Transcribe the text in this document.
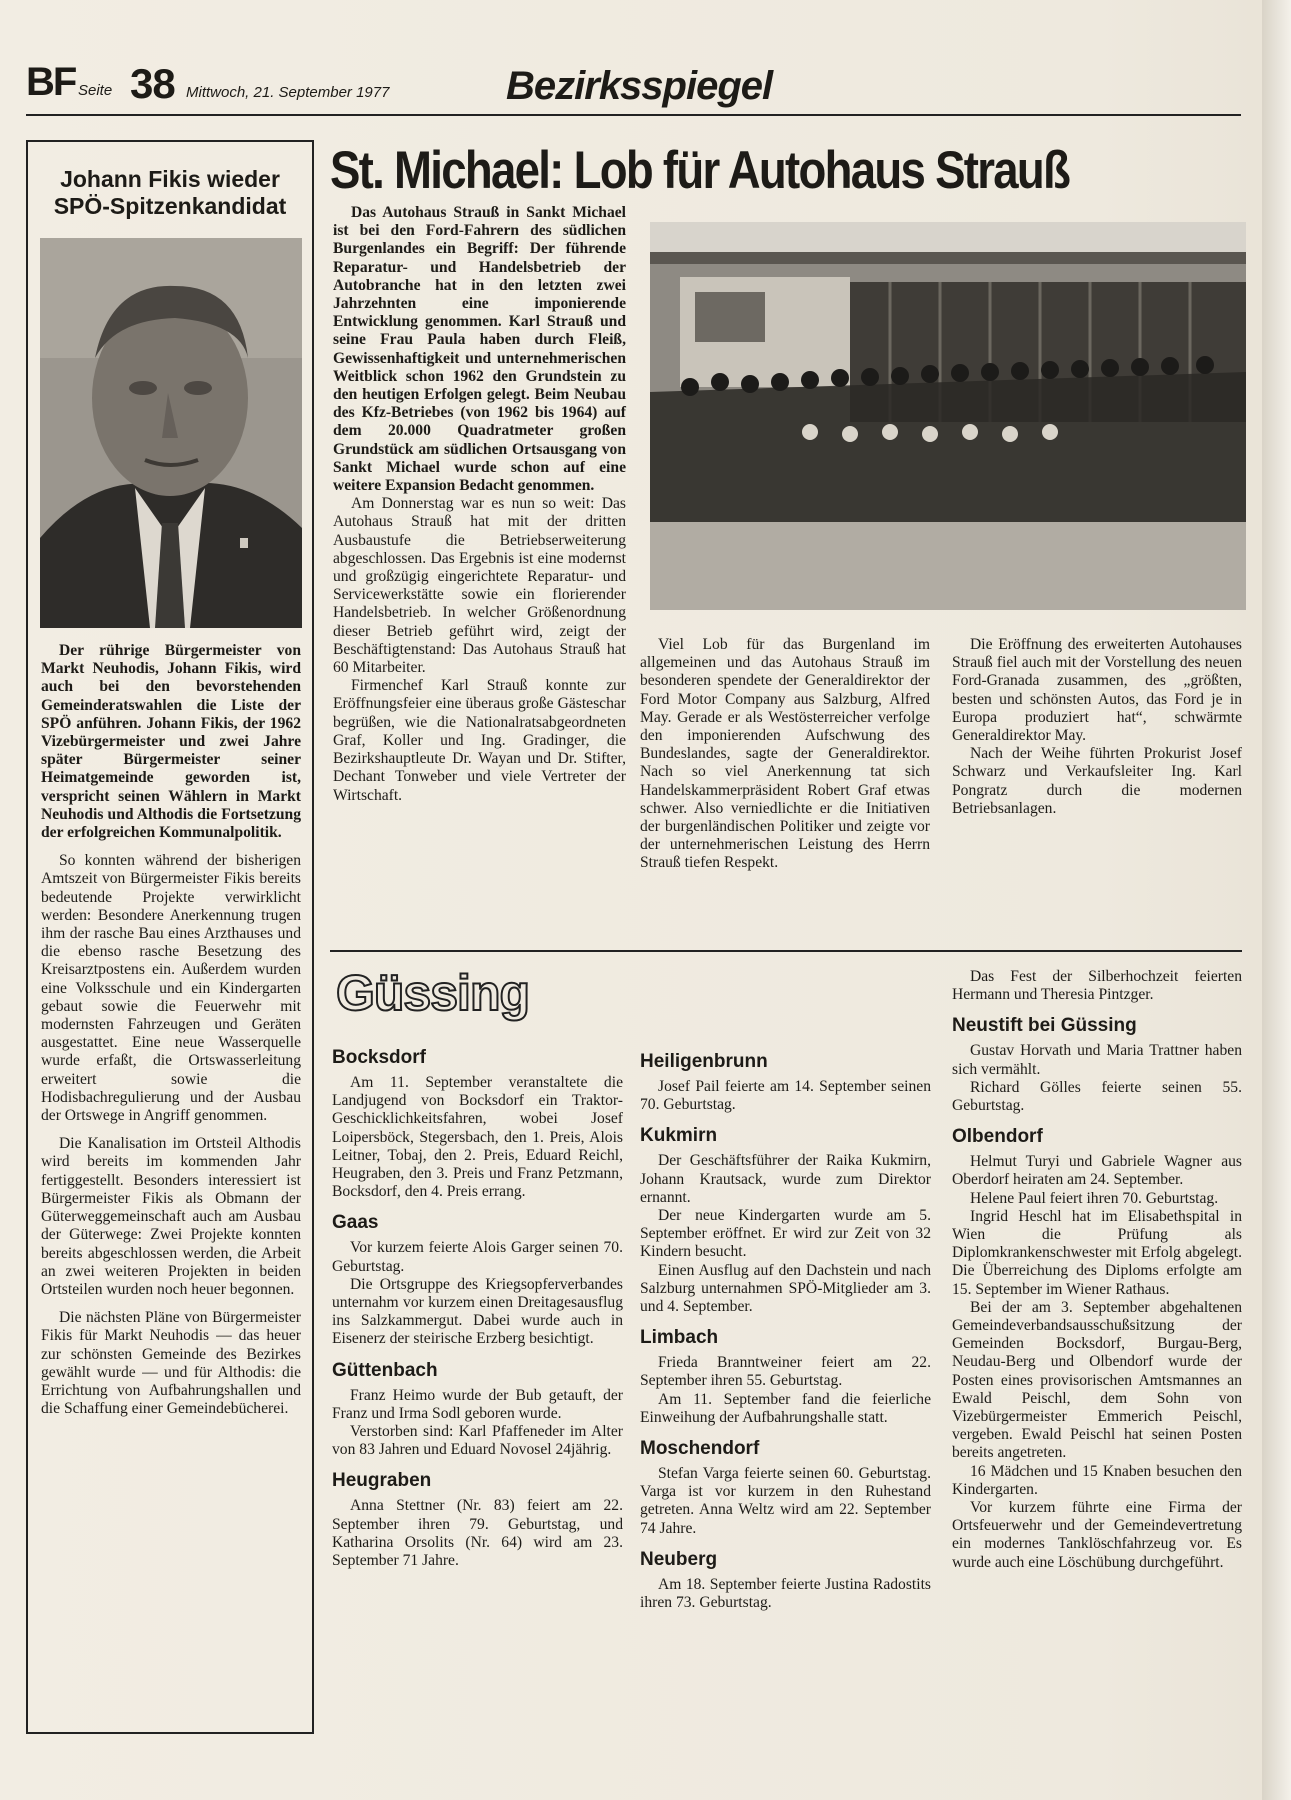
BF Seite 38 Mittwoch, 21. September 1977	Bezirksspiegel
Johann Fikis wieder SPÖ-Spitzenkandidat

Der rührige Bürgermeister von Markt Neuhodis, Johann Fikis, wird auch bei den bevorstehenden Gemeinderatswahlen die Liste der SPÖ anführen. Johann Fikis, der 1962 Vizebürgermeister und zwei Jahre später Bürgermeister seiner Heimatgemeinde geworden ist, verspricht seinen Wählern in Markt Neuhodis und Althodis die Fortsetzung der erfolgreichen Kommunalpolitik.

So konnten während der bisherigen Amtszeit von Bürgermeister Fikis bereits bedeutende Projekte verwirklicht werden: Besondere Anerkennung trugen ihm der rasche Bau eines Arzthauses und die ebenso rasche Besetzung des Kreisarztpostens ein. Außerdem wurden eine Volksschule und ein Kindergarten gebaut sowie die Feuerwehr mit modernsten Fahrzeugen und Geräten ausgestattet. Eine neue Wasserquelle wurde erfaßt, die Ortswasserleitung erweitert sowie die Hodisbachregulierung und der Ausbau der Ortswege in Angriff genommen.

Die Kanalisation im Ortsteil Althodis wird bereits im kommenden Jahr fertiggestellt. Besonders interessiert ist Bürgermeister Fikis als Obmann der Güterweggemeinschaft auch am Ausbau der Güterwege: Zwei Projekte konnten bereits abgeschlossen werden, die Arbeit an zwei weiteren Projekten in beiden Ortsteilen wurden noch heuer begonnen.

Die nächsten Pläne von Bürgermeister Fikis für Markt Neuhodis — das heuer zur schönsten Gemeinde des Bezirkes gewählt wurde — und für Althodis: die Errichtung von Aufbahrungshallen und die Schaffung einer Gemeindebücherei.

St. Michael: Lob für Autohaus Strauß

Das Autohaus Strauß in Sankt Michael ist bei den Ford-Fahrern des südlichen Burgenlandes ein Begriff: Der führende Reparatur- und Handelsbetrieb der Autobranche hat in den letzten zwei Jahrzehnten eine imponierende Entwicklung genommen. Karl Strauß und seine Frau Paula haben durch Fleiß, Gewissenhaftigkeit und unternehmerischen Weitblick schon 1962 den Grundstein zu den heutigen Erfolgen gelegt. Beim Neubau des Kfz-Betriebes (von 1962 bis 1964) auf dem 20.000 Quadratmeter großen Grundstück am südlichen Ortsausgang von Sankt Michael wurde schon auf eine weitere Expansion Bedacht genommen.

Am Donnerstag war es nun so weit: Das Autohaus Strauß hat mit der dritten Ausbaustufe die Betriebserweiterung abgeschlossen. Das Ergebnis ist eine modernst und großzügig eingerichtete Reparatur- und Servicewerkstätte sowie ein florierender Handelsbetrieb. In welcher Größenordnung dieser Betrieb geführt wird, zeigt der Beschäftigtenstand: Das Autohaus Strauß hat 60 Mitarbeiter.

Firmenchef Karl Strauß konnte zur Eröffnungsfeier eine überaus große Gästeschar begrüßen, wie die Nationalratsabgeordneten Graf, Koller und Ing. Gradinger, die Bezirkshauptleute Dr. Wayan und Dr. Stifter, Dechant Tonweber und viele Vertreter der Wirtschaft.

Viel Lob für das Burgenland im allgemeinen und das Autohaus Strauß im besonderen spendete der Generaldirektor der Ford Motor Company aus Salzburg, Alfred May. Gerade er als Westösterreicher verfolge den imponierenden Aufschwung des Bundeslandes, sagte der Generaldirektor. Nach so viel Anerkennung tat sich Handelskammerpräsident Robert Graf etwas schwer. Also verniedlichte er die Initiativen der burgenländischen Politiker und zeigte vor der unternehmerischen Leistung des Herrn Strauß tiefen Respekt.

Die Eröffnung des erweiterten Autohauses Strauß fiel auch mit der Vorstellung des neuen Ford-Granada zusammen, des „größten, besten und schönsten Autos, das Ford je in Europa produziert hat“, schwärmte Generaldirektor May.

Nach der Weihe führten Prokurist Josef Schwarz und Verkaufsleiter Ing. Karl Pongratz durch die modernen Betriebsanlagen.

Güssing
Bocksdorf

Am 11. September veranstaltete die Landjugend von Bocksdorf ein Traktor-Geschicklichkeitsfahren, wobei Josef Loipersböck, Stegersbach, den 1. Preis, Alois Leitner, Tobaj, den 2. Preis, Eduard Reichl, Heugraben, den 3. Preis und Franz Petzmann, Bocksdorf, den 4. Preis errang.

Gaas

Vor kurzem feierte Alois Garger seinen 70. Geburtstag.

Die Ortsgruppe des Kriegsopferverbandes unternahm vor kurzem einen Dreitagesausflug ins Salzkammergut. Dabei wurde auch in Eisenerz der steirische Erzberg besichtigt.

Güttenbach

Franz Heimo wurde der Bub getauft, der Franz und Irma Sodl geboren wurde.

Verstorben sind: Karl Pfaffeneder im Alter von 83 Jahren und Eduard Novosel 24jährig.

Heugraben

Anna Stettner (Nr. 83) feiert am 22. September ihren 79. Geburtstag, und Katharina Orsolits (Nr. 64) wird am 23. September 71 Jahre.

Heiligenbrunn

Josef Pail feierte am 14. September seinen 70. Geburtstag.

Kukmirn

Der Geschäftsführer der Raika Kukmirn, Johann Krautsack, wurde zum Direktor ernannt.

Der neue Kindergarten wurde am 5. September eröffnet. Er wird zur Zeit von 32 Kindern besucht.

Einen Ausflug auf den Dachstein und nach Salzburg unternahmen SPÖ-Mitglieder am 3. und 4. September.

Limbach

Frieda Branntweiner feiert am 22. September ihren 55. Geburtstag.

Am 11. September fand die feierliche Einweihung der Aufbahrungshalle statt.

Moschendorf

Stefan Varga feierte seinen 60. Geburtstag. Varga ist vor kurzem in den Ruhestand getreten. Anna Weltz wird am 22. September 74 Jahre.

Neuberg

Am 18. September feierte Justina Radostits ihren 73. Geburtstag.

Das Fest der Silberhochzeit feierten Hermann und Theresia Pintzger.

Neustift bei Güssing

Gustav Horvath und Maria Trattner haben sich vermählt.

Richard Gölles feierte seinen 55. Geburtstag.

Olbendorf

Helmut Turyi und Gabriele Wagner aus Oberdorf heiraten am 24. September.

Helene Paul feiert ihren 70. Geburtstag.

Ingrid Heschl hat im Elisabethspital in Wien die Prüfung als Diplomkrankenschwester mit Erfolg abgelegt. Die Überreichung des Diploms erfolgte am 15. September im Wiener Rathaus.

Bei der am 3. September abgehaltenen Gemeindeverbandsausschußsitzung der Gemeinden Bocksdorf, Burgau-Berg, Neudau-Berg und Olbendorf wurde der Posten eines provisorischen Amtsmannes an Ewald Peischl, dem Sohn von Vizebürgermeister Emmerich Peischl, vergeben. Ewald Peischl hat seinen Posten bereits angetreten.

16 Mädchen und 15 Knaben besuchen den Kindergarten.

Vor kurzem führte eine Firma der Ortsfeuerwehr und der Gemeindevertretung ein modernes Tanklöschfahrzeug vor. Es wurde auch eine Löschübung durchgeführt.
